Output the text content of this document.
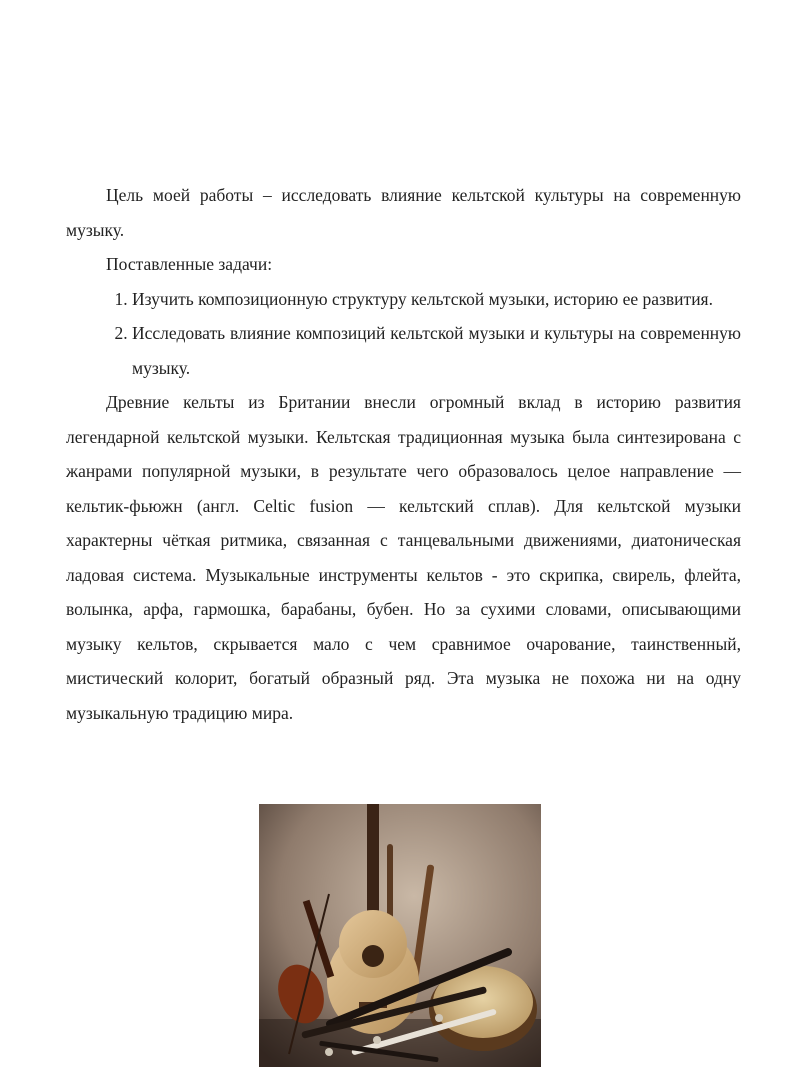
Цель моей работы – исследовать влияние кельтской культуры на современную музыку.

Поставленные задачи:

1. Изучить композиционную структуру кельтской музыки, историю ее развития.
2. Исследовать влияние композиций кельтской музыки и культуры на современную музыку.

Древние кельты из Британии внесли огромный вклад в историю развития легендарной кельтской музыки. Кельтская традиционная музыка была синтезирована с жанрами популярной музыки, в результате чего образовалось целое направление — кельтик-фьюжн (англ. Celtic fusion — кельтский сплав). Для кельтской музыки характерны чёткая ритмика, связанная с танцевальными движениями, диатоническая ладовая система. Музыкальные инструменты кельтов - это скрипка, свирель, флейта, волынка, арфа, гармошка, барабаны, бубен. Но за сухими словами, описывающими музыку кельтов, скрывается мало с чем сравнимое очарование, таинственный, мистический колорит, богатый образный ряд. Эта музыка не похожа ни на одну музыкальную традицию мира.
